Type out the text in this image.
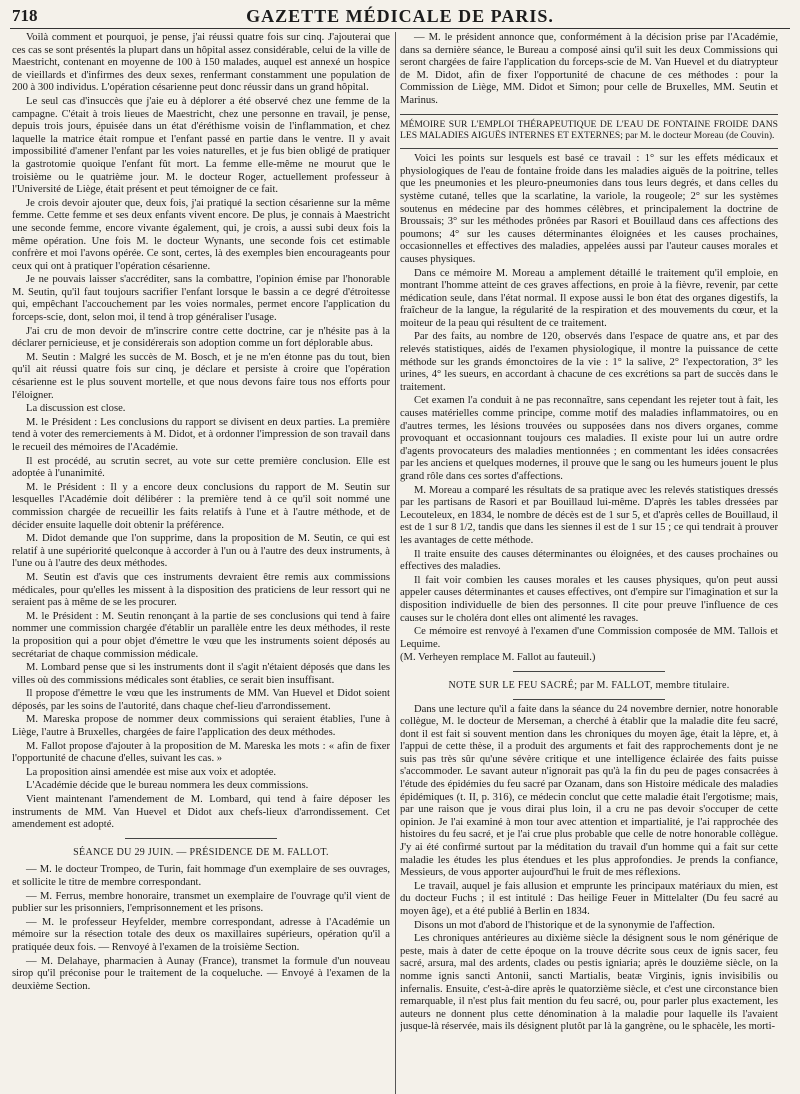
718	GAZETTE MÉDICALE DE PARIS.

Voilà comment et pourquoi, je pense, j'ai réussi quatre fois sur cinq. J'ajouterai que ces cas se sont présentés la plupart dans un hôpital assez considérable, celui de la ville de Maestricht, contenant en moyenne de 100 à 150 malades, auquel est annexé un hospice de vieillards et d'infirmes des deux sexes, renfermant constamment une population de 200 à 300 individus. L'opération césarienne peut donc réussir dans un grand hôpital.

Le seul cas d'insuccès que j'aie eu à déplorer a été observé chez une femme de la campagne. C'était à trois lieues de Maestricht, chez une personne en travail, je pense, depuis trois jours, épuisée dans un état d'éréthisme voisin de l'inflammation, et chez laquelle la matrice était rompue et l'enfant passé en partie dans le ventre. Il y avait impossibilité d'amener l'enfant par les voies naturelles, et je fus bien obligé de pratiquer la gastrotomie quoique l'enfant fût mort. La femme elle-même ne mourut que le troisième ou le quatrième jour. M. le docteur Roger, actuellement professeur à l'Université de Liège, était présent et peut témoigner de ce fait.

Je crois devoir ajouter que, deux fois, j'ai pratiqué la section césarienne sur la même femme. Cette femme et ses deux enfants vivent encore. De plus, je connais à Maestricht une seconde femme, encore vivante également, qui, je crois, a aussi subi deux fois la même opération. Une fois M. le docteur Wynants, une seconde fois cet estimable confrère et moi l'avons opérée. Ce sont, certes, là des exemples bien encourageants pour ceux qui ont à pratiquer l'opération césarienne.

Je ne pouvais laisser s'accréditer, sans la combattre, l'opinion émise par l'honorable M. Seutin, qu'il faut toujours sacrifier l'enfant lorsque le bassin a ce degré d'étroitesse qui, empêchant l'accouchement par les voies normales, permet encore l'application du forceps-scie, dont, selon moi, il tend à trop généraliser l'usage.

J'ai cru de mon devoir de m'inscrire contre cette doctrine, car je n'hésite pas à la déclarer pernicieuse, et je considérerais son adoption comme un fort déplorable abus.

M. Seutin : Malgré les succès de M. Bosch, et je ne m'en étonne pas du tout, bien qu'il ait réussi quatre fois sur cinq, je déclare et persiste à croire que l'opération césarienne est le plus souvent mortelle, et que nous devons faire tous nos efforts pour l'éloigner.

La discussion est close.

M. le Président : Les conclusions du rapport se divisent en deux parties. La première tend à voter des remerciements à M. Didot, et à ordonner l'impression de son travail dans le recueil des mémoires de l'Académie.

Il est procédé, au scrutin secret, au vote sur cette première conclusion. Elle est adoptée à l'unanimité.

M. le Président : Il y a encore deux conclusions du rapport de M. Seutin sur lesquelles l'Académie doit délibérer : la première tend à ce qu'il soit nommé une commission chargée de recueillir les faits relatifs à l'une et à l'autre méthode, et de décider ensuite laquelle doit obtenir la préférence.

M. Didot demande que l'on supprime, dans la proposition de M. Seutin, ce qui est relatif à une supériorité quelconque à accorder à l'un ou à l'autre des deux instruments, à l'une ou à l'autre des deux méthodes.

M. Seutin est d'avis que ces instruments devraient être remis aux commissions médicales, pour qu'elles les missent à la disposition des praticiens de leur ressort qui ne seraient pas à même de se les procurer.

M. le Président : M. Seutin renonçant à la partie de ses conclusions qui tend à faire nommer une commission chargée d'établir un parallèle entre les deux méthodes, il reste la proposition qui a pour objet d'émettre le vœu que les instruments soient déposés au secrétariat de chaque commission médicale.

M. Lombard pense que si les instruments dont il s'agit n'étaient déposés que dans les villes où des commissions médicales sont établies, ce serait bien insuffisant.

Il propose d'émettre le vœu que les instruments de MM. Van Huevel et Didot soient déposés, par les soins de l'autorité, dans chaque chef-lieu d'arrondissement.

M. Mareska propose de nommer deux commissions qui seraient établies, l'une à Liège, l'autre à Bruxelles, chargées de faire l'application des deux méthodes.

M. Fallot propose d'ajouter à la proposition de M. Mareska les mots : « afin de fixer l'opportunité de chacune d'elles, suivant les cas. »

La proposition ainsi amendée est mise aux voix et adoptée.

L'Académie décide que le bureau nommera les deux commissions.

Vient maintenant l'amendement de M. Lombard, qui tend à faire déposer les instruments de MM. Van Huevel et Didot aux chefs-lieux d'arrondissement. Cet amendement est adopté.

SÉANCE DU 29 JUIN. — PRÉSIDENCE DE M. FALLOT.

— M. le docteur Trompeo, de Turin, fait hommage d'un exemplaire de ses ouvrages, et sollicite le titre de membre correspondant.

— M. Ferrus, membre honoraire, transmet un exemplaire de l'ouvrage qu'il vient de publier sur les prisonniers, l'emprisonnement et les prisons.

— M. le professeur Heyfelder, membre correspondant, adresse à l'Académie un mémoire sur la résection totale des deux os maxillaires supérieurs, opération qu'il a pratiquée deux fois. — Renvoyé à l'examen de la troisième Section.

— M. Delahaye, pharmacien à Aunay (France), transmet la formule d'un nouveau sirop qu'il préconise pour le traitement de la coqueluche. — Envoyé à l'examen de la deuxième Section.

— M. le président annonce que, conformément à la décision prise par l'Académie, dans sa dernière séance, le Bureau a composé ainsi qu'il suit les deux Commissions qui seront chargées de faire l'application du forceps-scie de M. Van Huevel et du diatrypteur de M. Didot, afin de fixer l'opportunité de chacune de ces méthodes : pour la Commission de Liège, MM. Didot et Simon; pour celle de Bruxelles, MM. Seutin et Marinus.

MÉMOIRE SUR L'EMPLOI THÉRAPEUTIQUE DE L'EAU DE FONTAINE FROIDE DANS LES MALADIES AIGUËS INTERNES ET EXTERNES; par M. le docteur Moreau (de Couvin).

Voici les points sur lesquels est basé ce travail : 1° sur les effets médicaux et physiologiques de l'eau de fontaine froide dans les maladies aiguës de la poitrine, telles que les pneumonies et les pleuro-pneumonies dans tous leurs degrés, et dans celles du système cutané, telles que la scarlatine, la variole, la rougeole; 2° sur les systèmes soutenus en médecine par des hommes célèbres, et principalement la doctrine de Broussais; 3° sur les méthodes prônées par Rasori et Bouillaud dans ces affections des poumons; 4° sur les causes déterminantes éloignées et les causes prochaines, occasionnelles et effectives des maladies, appelées aussi par l'auteur causes morales et causes physiques.

Dans ce mémoire M. Moreau a amplement détaillé le traitement qu'il emploie, en montrant l'homme atteint de ces graves affections, en proie à la fièvre, revenir, par cette médication seule, dans l'état normal. Il expose aussi le bon état des organes digestifs, la fraîcheur de la langue, la régularité de la respiration et des mouvements du cœur, et la moiteur de la peau qui résultent de ce traitement.

Par des faits, au nombre de 120, observés dans l'espace de quatre ans, et par des relevés statistiques, aidés de l'examen physiologique, il montre la puissance de cette méthode sur les grands émonctoires de la vie : 1° la salive, 2° l'expectoration, 3° les urines, 4° les sueurs, en accordant à chacune de ces excrétions sa part de succès dans le traitement.

Cet examen l'a conduit à ne pas reconnaître, sans cependant les rejeter tout à fait, les causes matérielles comme principe, comme motif des maladies inflammatoires, ou en d'autres termes, les lésions trouvées ou supposées dans nos divers organes, comme provoquant et occasionnant toujours ces maladies. Il existe pour lui un autre ordre d'agents provocateurs des maladies mentionnées ; en commentant les idées consacrées par les anciens et quelques modernes, il prouve que le sang ou les humeurs jouent le plus grand rôle dans ces sortes d'affections.

M. Moreau a comparé les résultats de sa pratique avec les relevés statistiques dressés par les partisans de Rasori et par Bouillaud lui-même. D'après les tables dressées par Lecouteleux, en 1834, le nombre de décès est de 1 sur 5, et d'après celles de Bouillaud, il est de 1 sur 8 1/2, tandis que dans les siennes il est de 1 sur 15 ; ce qui tendrait à prouver les avantages de cette méthode.

Il traite ensuite des causes déterminantes ou éloignées, et des causes prochaines ou effectives des maladies.

Il fait voir combien les causes morales et les causes physiques, qu'on peut aussi appeler causes déterminantes et causes effectives, ont d'empire sur l'imagination et sur la disposition individuelle de bien des personnes. Il cite pour preuve l'influence de ces causes sur le choléra dont elles ont alimenté les ravages.

Ce mémoire est renvoyé à l'examen d'une Commission composée de MM. Tallois et Lequime.

(M. Verheyen remplace M. Fallot au fauteuil.)

NOTE SUR LE FEU SACRÉ; par M. FALLOT, membre titulaire.

Dans une lecture qu'il a faite dans la séance du 24 novembre dernier, notre honorable collègue, M. le docteur de Merseman, a cherché à établir que la maladie dite feu sacré, dont il est fait si souvent mention dans les chroniques du moyen âge, était la lèpre, et, à l'appui de cette thèse, il a produit des arguments et fait des rapprochements dont je ne suis pas très sûr qu'une sévère critique et une intelligence éclairée des faits puisse s'accommoder. Le savant auteur n'ignorait pas qu'à la fin du peu de pages consacrées à l'étude des épidémies du feu sacré par Ozanam, dans son Histoire médicale des maladies épidémiques (t. II, p. 316), ce médecin conclut que cette maladie était l'ergotisme; mais, par une raison que je vous dirai plus loin, il a cru ne pas devoir s'occuper de cette opinion. Je l'ai examiné à mon tour avec attention et impartialité, je l'ai rapprochée des histoires du feu sacré, et je l'ai crue plus probable que celle de notre honorable collègue. J'y ai été confirmé surtout par la méditation du travail d'un homme qui a fait sur cette maladie les études les plus étendues et les plus approfondies. Je prends la confiance, Messieurs, de vous apporter aujourd'hui le fruit de mes réflexions.

Le travail, auquel je fais allusion et emprunte les principaux matériaux du mien, est du docteur Fuchs ; il est intitulé : Das heilige Feuer in Mittelalter (Du feu sacré au moyen âge), et a été publié à Berlin en 1834.

Disons un mot d'abord de l'historique et de la synonymie de l'affection.

Les chroniques antérieures au dixième siècle la désignent sous le nom générique de peste, mais à dater de cette époque on la trouve décrite sous ceux de ignis sacer, feu sacré, arsura, mal des ardents, clades ou pestis igniaria; après le douzième siècle, on la nomme ignis sancti Antonii, sancti Martialis, beatæ Virginis, ignis invisibilis ou infernalis. Ensuite, c'est-à-dire après le quatorzième siècle, et c'est une circonstance bien remarquable, il n'est plus fait mention du feu sacré, ou, pour parler plus exactement, les auteurs ne donnent plus cette dénomination à la maladie pour laquelle ils l'avaient jusque-là réservée, mais ils désignent plutôt par là la gangrène, ou le sphacèle, les morti-
